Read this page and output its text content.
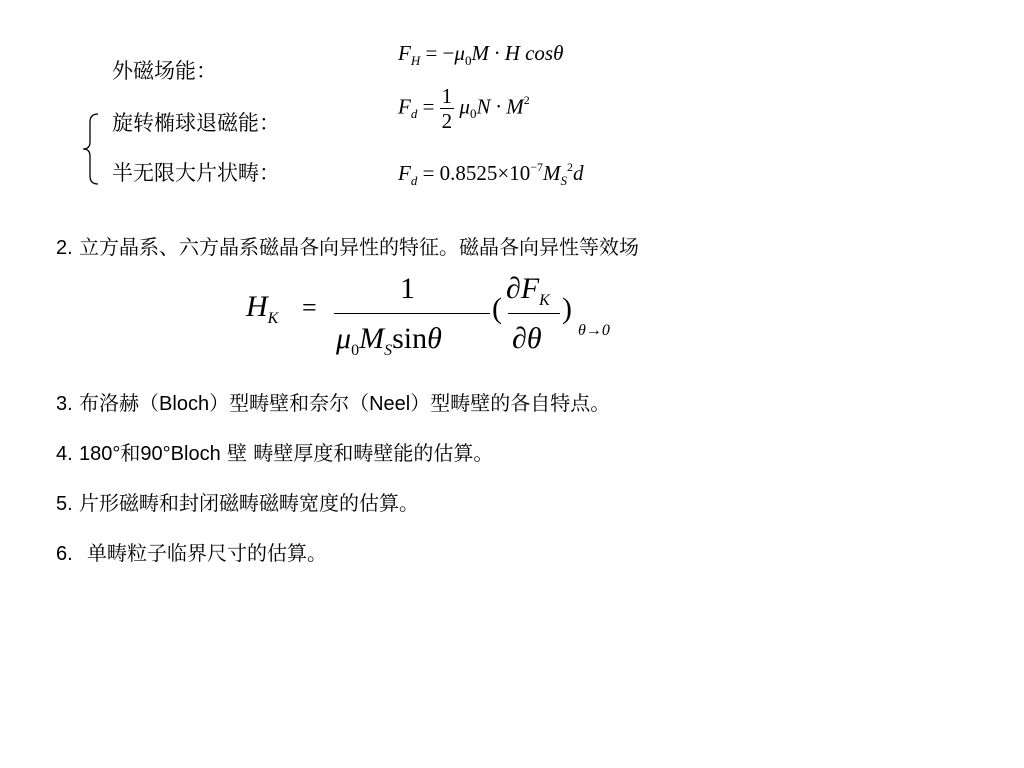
外磁场能：
旋转椭球退磁能：
半无限大片状畴：
$F_H = -\mu_0M \cdot H$ cosθ
$F_d = \frac{1}{2} \mu_0N \cdot M^2$
$F_d = 0.8525\times 10^{-7}M_S^2d$
2. 立方晶系、六方晶系磁晶各向异性的特征。磁晶各向异性等效场
$H_K$ =
1
$\mu_0M_S\sin\theta$
(
$\partial F_K$
∂θ
)
θ→0
3. 布洛赫（Bloch）型畴壁和奈尔（Neel）型畴壁的各自特点。
4. 180°和90°Bloch 壁 畴壁厚度和畴壁能的估算。
5. 片形磁畴和封闭磁畴磁畴宽度的估算。
6. 单畴粒子临界尺寸的估算。
